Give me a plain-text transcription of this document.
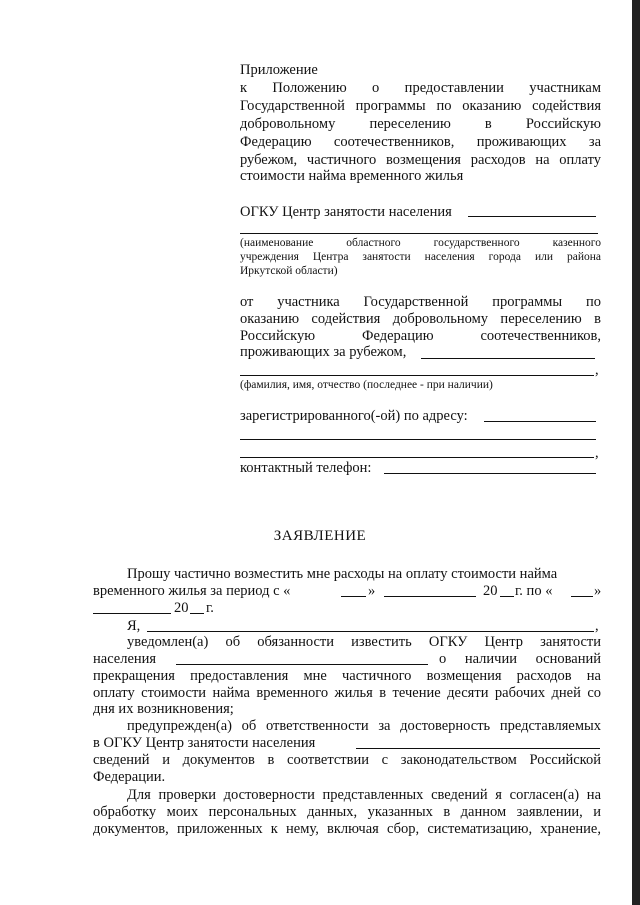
Приложение
к Положению о предоставлении участникам
Государственной программы по оказанию содействия
добровольному переселению в Российскую
Федерацию соотечественников, проживающих за
рубежом, частичного возмещения расходов на оплату
стоимости найма временного жилья
ОГКУ Центр занятости населения
(наименование областного государственного казенного
учреждения Центра занятости населения города или района
Иркутской области)
от участника Государственной программы по
оказанию содействия добровольному переселению в
Российскую Федерацию соотечественников,
проживающих за рубежом,
,
(фамилия, имя, отчество (последнее - при наличии)
зарегистрированного(-ой) по адресу:
,
контактный телефон:
ЗАЯВЛЕНИЕ
Прошу частично возместить мне расходы на оплату стоимости найма
временного жилья за период с «	»	20 г. по «	»
20 г.
Я,	,
уведомлен(а) об обязанности известить ОГКУ Центр занятости
населения	о наличии оснований
прекращения предоставления мне частичного возмещения расходов на
оплату стоимости найма временного жилья в течение десяти рабочих дней со
дня их возникновения;
предупрежден(а) об ответственности за достоверность представляемых
в ОГКУ Центр занятости населения
сведений и документов в соответствии с законодательством Российской
Федерации.
Для проверки достоверности представленных сведений я согласен(а) на
обработку моих персональных данных, указанных в данном заявлении, и
документов, приложенных к нему, включая сбор, систематизацию, хранение,
